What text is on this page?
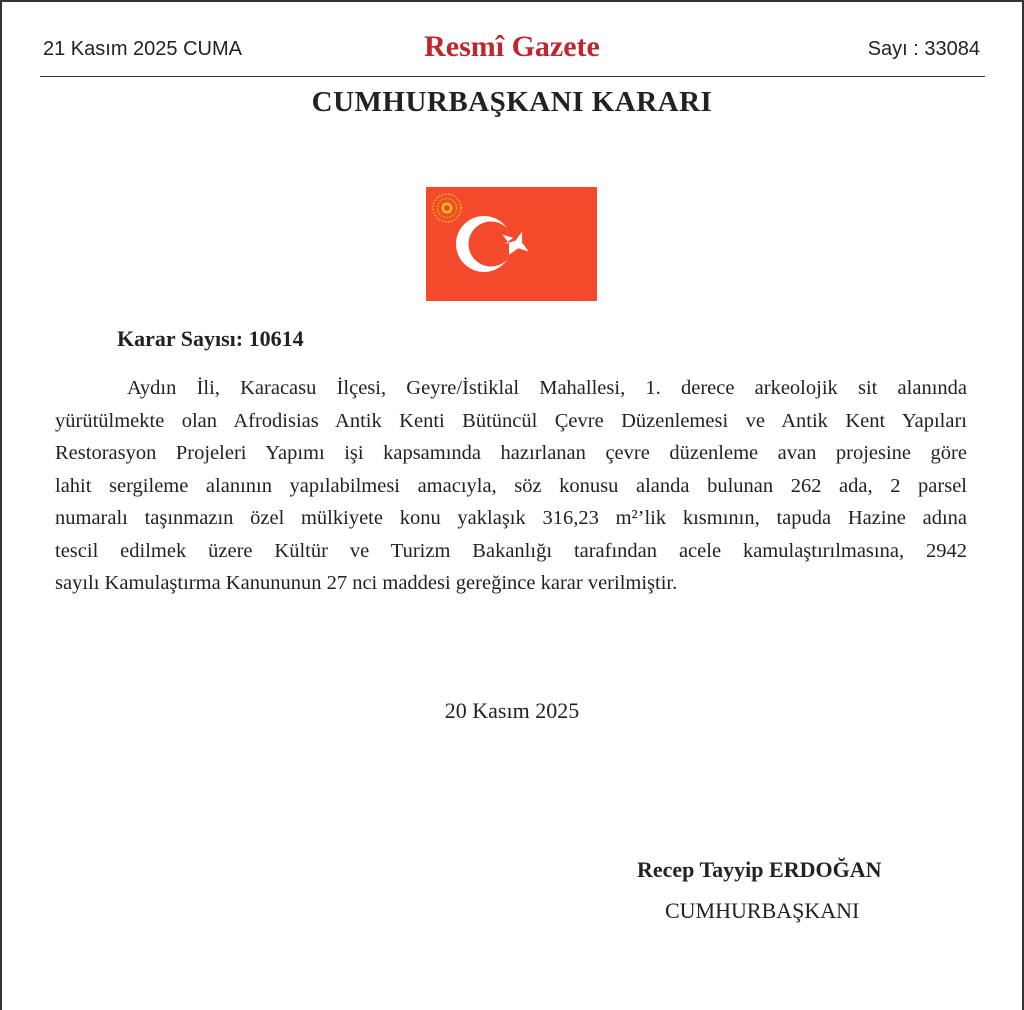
21 Kasım 2025 CUMA	Resmî Gazete	Sayı : 33084
CUMHURBAŞKANI KARARI
Karar Sayısı: 10614
Aydın İli, Karacasu İlçesi, Geyre/İstiklal Mahallesi, 1. derece arkeolojik sit alanında
yürütülmekte olan Afrodisias Antik Kenti Bütüncül Çevre Düzenlemesi ve Antik Kent Yapıları
Restorasyon Projeleri Yapımı işi kapsamında hazırlanan çevre düzenleme avan projesine göre
lahit sergileme alanının yapılabilmesi amacıyla, söz konusu alanda bulunan 262 ada, 2 parsel
numaralı taşınmazın özel mülkiyete konu yaklaşık 316,23 m²’lik kısmının, tapuda Hazine adına
tescil edilmek üzere Kültür ve Turizm Bakanlığı tarafından acele kamulaştırılmasına, 2942
sayılı Kamulaştırma Kanununun 27 nci maddesi gereğince karar verilmiştir.
20 Kasım 2025
Recep Tayyip ERDOĞAN
CUMHURBAŞKANI
